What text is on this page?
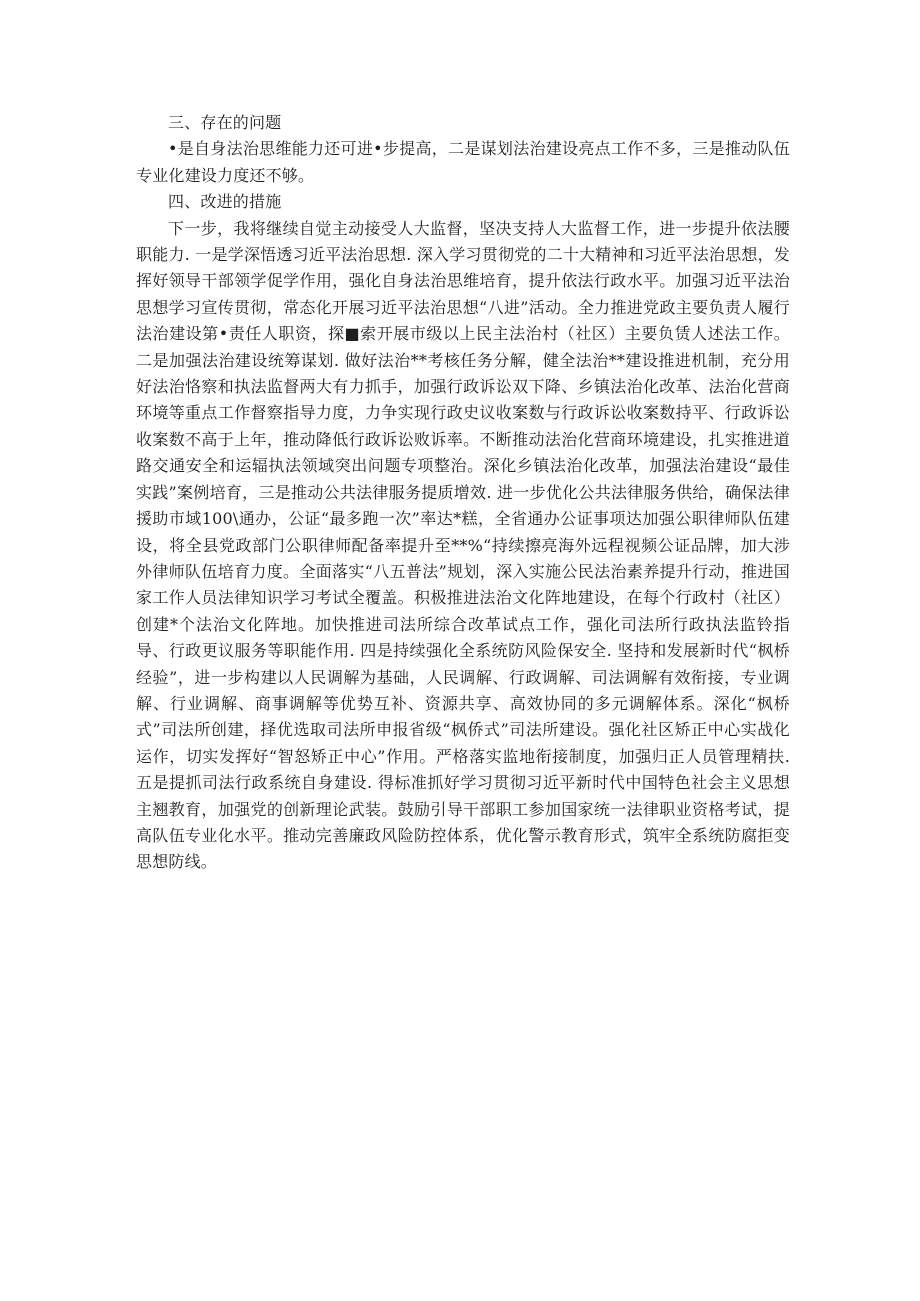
三、存在的问题

•是自身法治思维能力还可进•步提高，二是谋划法治建设亮点工作不多，三是推动队伍专业化建设力度还不够。

四、改进的措施

下一步，我将继续自觉主动接受人大监督，坚决支持人大监督工作，进一步提升依法腰职能力. 一是学深悟透习近平法治思想. 深入学习贯彻党的二十大精神和习近平法治思想，发挥好领导干部领学促学作用，强化自身法治思维培育，提升依法行政水平。加强习近平法治思想学习宣传贯彻，常态化开展习近平法治思想“八进”活动。全力推进党政主要负责人履行法治建设第•责任人职资，探■索开展市级以上民主法治村（社区）主要负赁人述法工作。二是加强法治建设统筹谋划. 做好法治**考核任务分解，健全法治**建设推进机制，充分用好法治恪察和执法监督两大有力抓手，加强行政诉讼双下降、乡镇法治化改革、法治化营商环境等重点工作督察指导力度，力争实现行政史议收案数与行政诉讼收案数持平、行政诉讼收案数不高于上年，推动降低行政诉讼败诉率。不断推动法治化营商环境建设，扎实推进道路交通安全和运辐执法领域突出问题专项整治。深化乡镇法治化改革，加强法治建设“最佳实践”案例培育，三是推动公共法律服务提质增效. 进一步优化公共法律服务供给，确保法律援助市域100\通办，公证“最多跑一次”率达*糕，全省通办公证事项达加强公职律师队伍建设，将全县党政部门公职律师配备率提升至**%“持续擦亮海外远程视频公证品牌，加大涉外律师队伍培育力度。全面落实“八五普法”规划，深入实施公民法治素养提升行动，推进国家工作人员法律知识学习考试全覆盖。积极推进法治文化阵地建设，在每个行政村（社区）创建*个法治文化阵地。加快推进司法所综合改革试点工作，强化司法所行政执法监铃指导、行政更议服务等职能作用. 四是持续强化全系统防风险保安全. 坚持和发展新时代“枫桥经验”，进一步构建以人民调解为基础，人民调解、行政调解、司法调解有效衔接，专业调解、行业调解、商事调解等优势互补、资源共享、高效协同的多元调解体系。深化“枫桥式”司法所创建，择优选取司法所申报省级“枫侨式”司法所建设。强化社区矫正中心实战化运作，切实发挥好“智怒矫正中心”作用。严格落实监地衔接制度，加强归正人员管理精扶. 五是提抓司法行政系统自身建设. 得标准抓好学习贯彻习近平新时代中国特色社会主义思想主翘教育，加强党的创新理论武装。鼓励引导干部职工参加国家统一法律职业资格考试，提高队伍专业化水平。推动完善廉政风险防控体系，优化警示教育形式，筑牢全系统防腐拒变思想防线。
